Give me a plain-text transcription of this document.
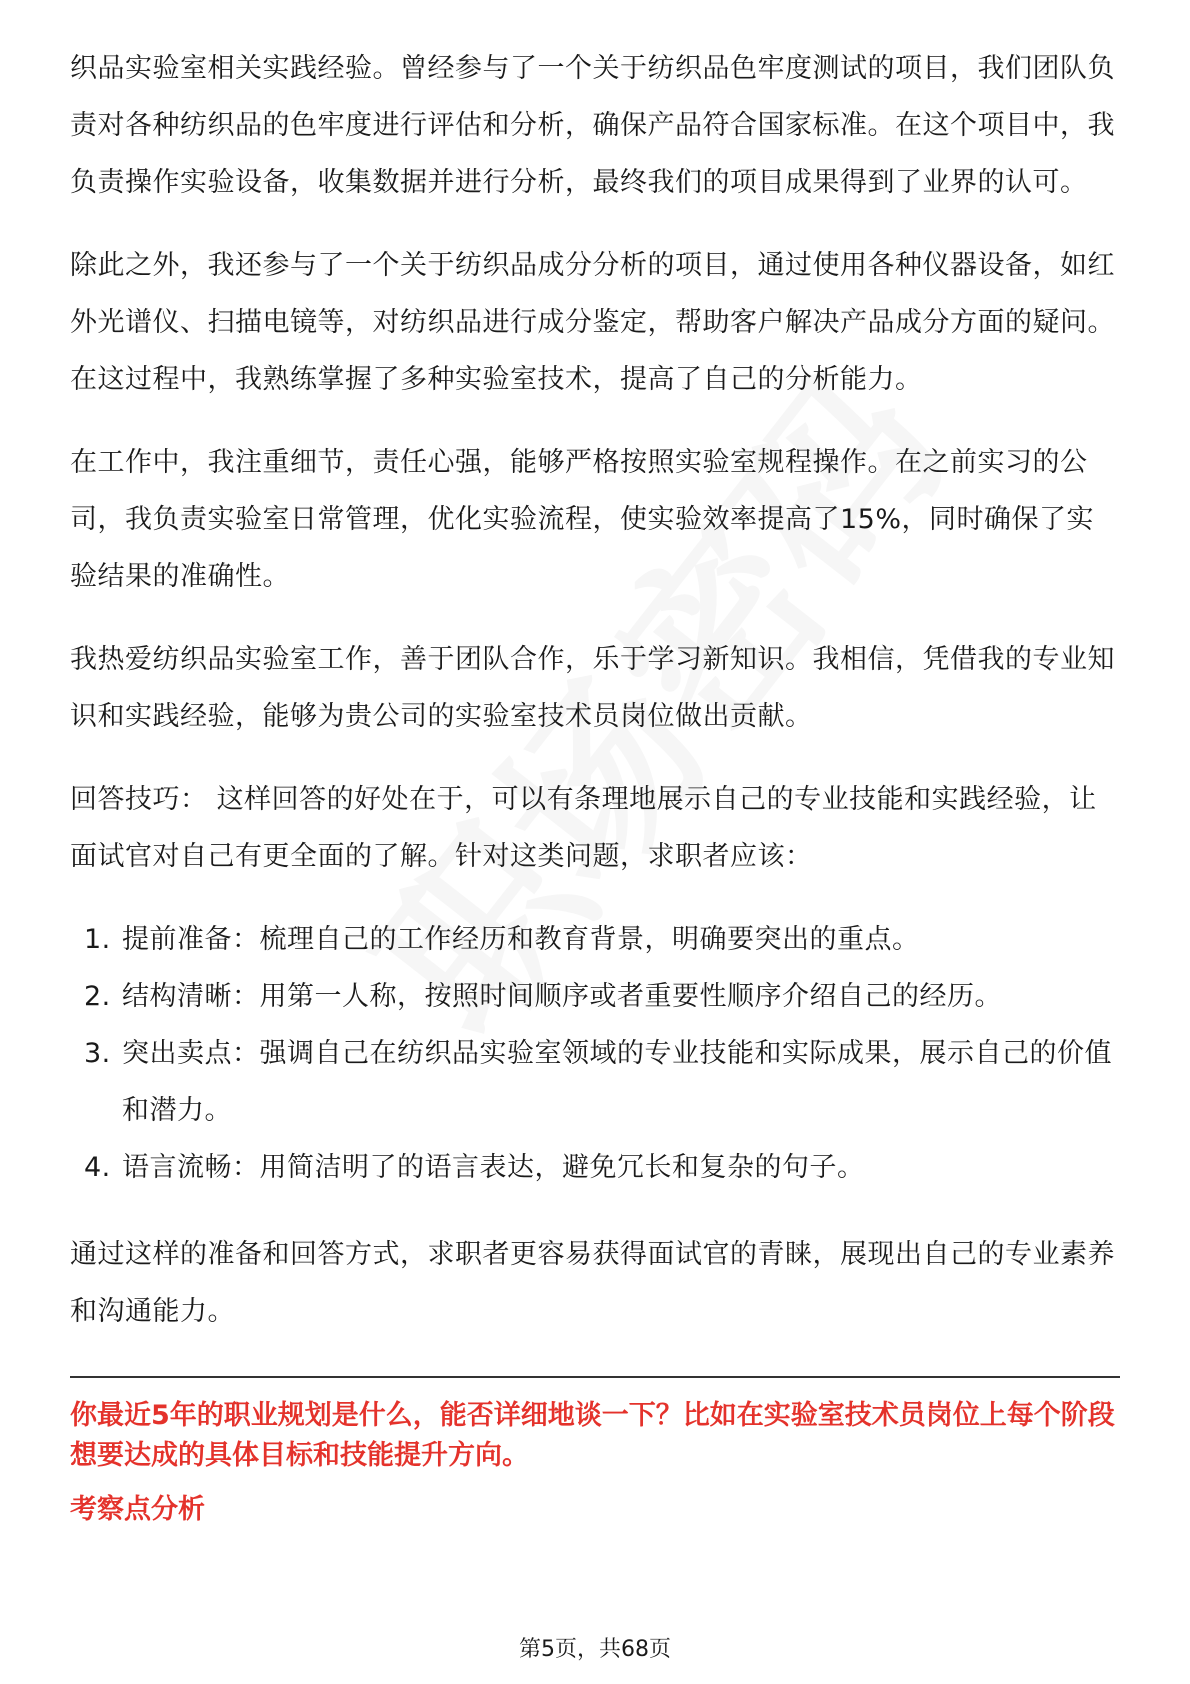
织品实验室相关实践经验。曾经参与了一个关于纺织品色牢度测试的项目，我们团队负责对各种纺织品的色牢度进行评估和分析，确保产品符合国家标准。在这个项目中，我负责操作实验设备，收集数据并进行分析，最终我们的项目成果得到了业界的认可。

除此之外，我还参与了一个关于纺织品成分分析的项目，通过使用各种仪器设备，如红外光谱仪、扫描电镜等，对纺织品进行成分鉴定，帮助客户解决产品成分方面的疑问。在这过程中，我熟练掌握了多种实验室技术，提高了自己的分析能力。

在工作中，我注重细节，责任心强，能够严格按照实验室规程操作。在之前实习的公司，我负责实验室日常管理，优化实验流程，使实验效率提高了15%，同时确保了实验结果的准确性。

我热爱纺织品实验室工作，善于团队合作，乐于学习新知识。我相信，凭借我的专业知识和实践经验，能够为贵公司的实验室技术员岗位做出贡献。

回答技巧： 这样回答的好处在于，可以有条理地展示自己的专业技能和实践经验，让面试官对自己有更全面的了解。针对这类问题，求职者应该：

1. 提前准备：梳理自己的工作经历和教育背景，明确要突出的重点。
2. 结构清晰：用第一人称，按照时间顺序或者重要性顺序介绍自己的经历。
3. 突出卖点：强调自己在纺织品实验室领域的专业技能和实际成果，展示自己的价值和潜力。
4. 语言流畅：用简洁明了的语言表达，避免冗长和复杂的句子。

通过这样的准备和回答方式，求职者更容易获得面试官的青睐，展现出自己的专业素养和沟通能力。

你最近5年的职业规划是什么，能否详细地谈一下？比如在实验室技术员岗位上每个阶段想要达成的具体目标和技能提升方向。

考察点分析

第5页，共68页
